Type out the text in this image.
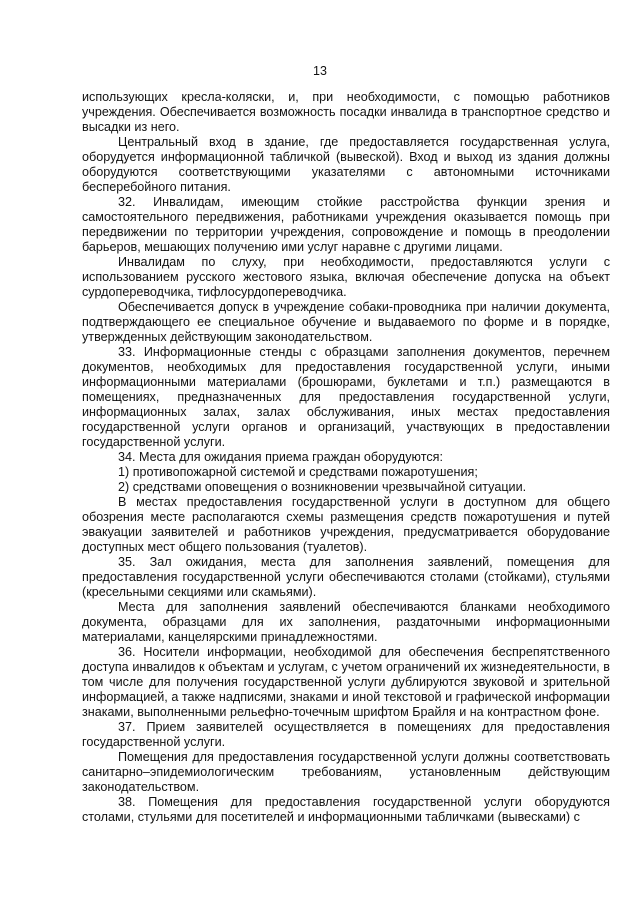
13

использующих кресла-коляски, и, при необходимости, с помощью работников учреждения. Обеспечивается возможность посадки инвалида в транспортное средство и высадки из него.

Центральный вход в здание, где предоставляется государственная услуга, оборудуется информационной табличкой (вывеской). Вход и выход из здания должны оборудуются соответствующими указателями с автономными источниками бесперебойного питания.

32. Инвалидам, имеющим стойкие расстройства функции зрения и самостоятельного передвижения, работниками учреждения оказывается помощь при передвижении по территории учреждения, сопровождение и помощь в преодолении барьеров, мешающих получению ими услуг наравне с другими лицами.

Инвалидам по слуху, при необходимости, предоставляются услуги с использованием русского жестового языка, включая обеспечение допуска на объект сурдопереводчика, тифлосурдопереводчика.

Обеспечивается допуск в учреждение собаки-проводника при наличии документа, подтверждающего ее специальное обучение и выдаваемого по форме и в порядке, утвержденных действующим законодательством.

33. Информационные стенды с образцами заполнения документов, перечнем документов, необходимых для предоставления государственной услуги, иными информационными материалами (брошюрами, буклетами и т.п.) размещаются в помещениях, предназначенных для предоставления государственной услуги, информационных залах, залах обслуживания, иных местах предоставления государственной услуги органов и организаций, участвующих в предоставлении государственной услуги.

34. Места для ожидания приема граждан оборудуются:

1) противопожарной системой и средствами пожаротушения;

2) средствами оповещения о возникновении чрезвычайной ситуации.

В местах предоставления государственной услуги в доступном для общего обозрения месте располагаются схемы размещения средств пожаротушения и путей эвакуации заявителей и работников учреждения, предусматривается оборудование доступных мест общего пользования (туалетов).

35. Зал ожидания, места для заполнения заявлений, помещения для предоставления государственной услуги обеспечиваются столами (стойками), стульями (кресельными секциями или скамьями).

Места для заполнения заявлений обеспечиваются бланками необходимого документа, образцами для их заполнения, раздаточными информационными материалами, канцелярскими принадлежностями.

36. Носители информации, необходимой для обеспечения беспрепятственного доступа инвалидов к объектам и услугам, с учетом ограничений их жизнедеятельности, в том числе для получения государственной услуги дублируются звуковой и зрительной информацией, а также надписями, знаками и иной текстовой и графической информации знаками, выполненными рельефно-точечным шрифтом Брайля и на контрастном фоне.

37. Прием заявителей осуществляется в помещениях для предоставления государственной услуги.

Помещения для предоставления государственной услуги должны соответствовать санитарно–эпидемиологическим требованиям, установленным действующим законодательством.

38. Помещения для предоставления государственной услуги оборудуются столами, стульями для посетителей и информационными табличками (вывесками) с
